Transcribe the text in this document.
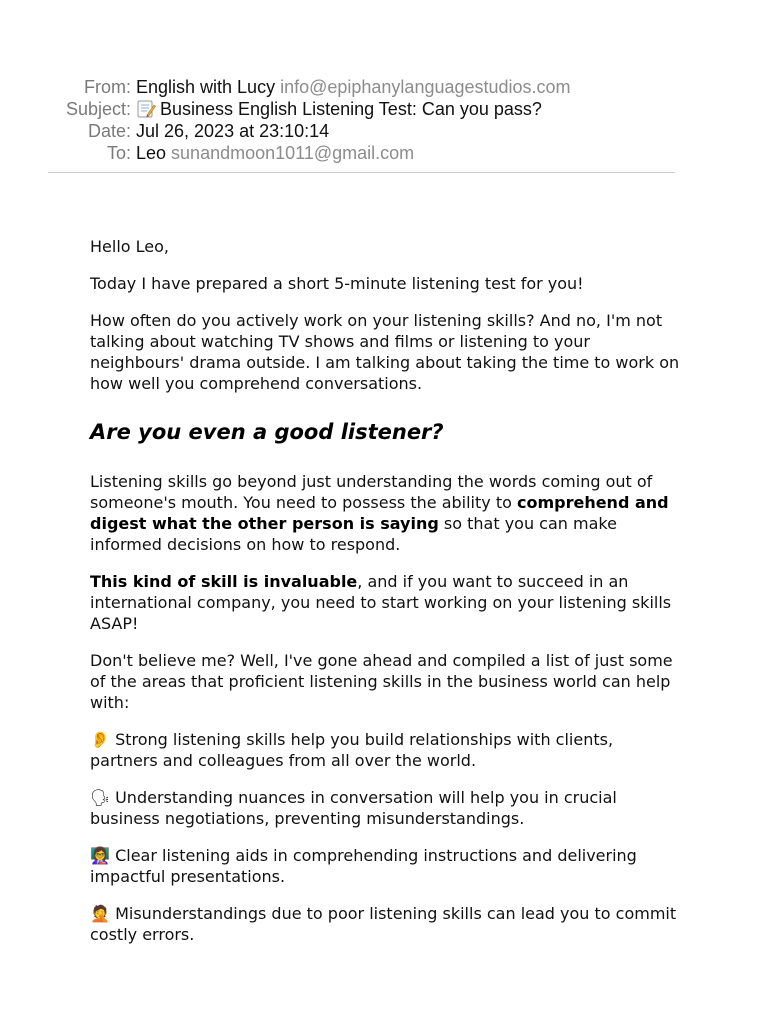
From: English with Lucy info@epiphanylanguagestudios.com
Subject:	Business English Listening Test: Can you pass?
Date: Jul 26, 2023 at 23:10:14
To: Leo sunandmoon1011@gmail.com

Hello Leo,

Today I have prepared a short 5-minute listening test for you!

How often do you actively work on your listening skills? And no, I'm not talking about watching TV shows and films or listening to your neighbours' drama outside. I am talking about taking the time to work on how well you comprehend conversations.

Are you even a good listener?

Listening skills go beyond just understanding the words coming out of someone's mouth. You need to possess the ability to comprehend and digest what the other person is saying so that you can make informed decisions on how to respond.

This kind of skill is invaluable, and if you want to succeed in an international company, you need to start working on your listening skills ASAP!

Don't believe me? Well, I've gone ahead and compiled a list of just some of the areas that proficient listening skills in the business world can help with:

👂 Strong listening skills help you build relationships with clients, partners and colleagues from all over the world.

🗣 Understanding nuances in conversation will help you in crucial business negotiations, preventing misunderstandings.

👩‍🏫 Clear listening aids in comprehending instructions and delivering impactful presentations.

🤦 Misunderstandings due to poor listening skills can lead you to commit costly errors.
